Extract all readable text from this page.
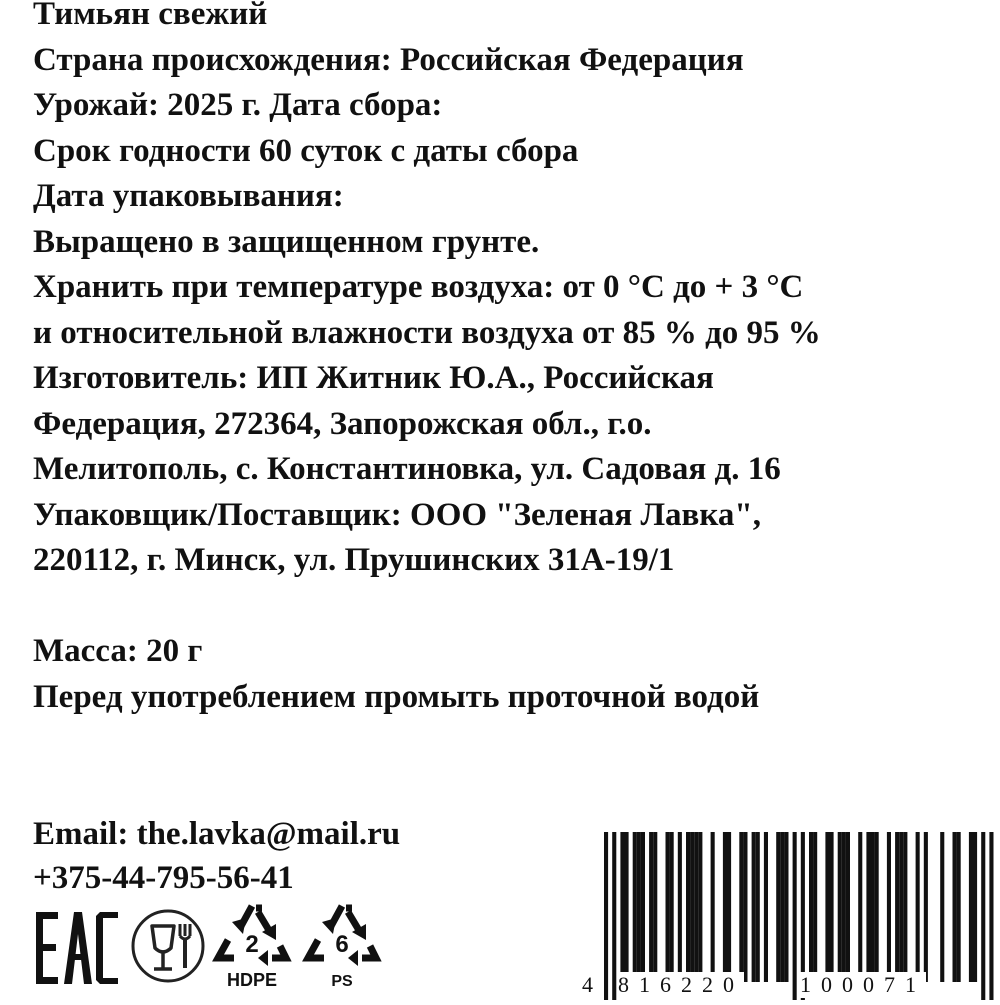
Тимьян свежий
Страна происхождения: Российская Федерация
Урожай: 2025 г. Дата сбора:
Срок годности 60 суток с даты сбора
Дата упаковывания:
Выращено в защищенном грунте.
Хранить при температуре воздуха: от 0 °С до + 3 °С
и относительной влажности воздуха от 85 % до 95 %
Изготовитель: ИП Житник Ю.А., Российская
Федерация, 272364, Запорожская обл., г.о.
Мелитополь, с. Константиновка, ул. Садовая д. 16
Упаковщик/Поставщик: ООО "Зеленая Лавка",
220112, г. Минск, ул. Прушинских 31А-19/1
Масса: 20 г
Перед употреблением промыть проточной водой
Email: the.lavka@mail.ru
+375-44-795-56-41
2
HDPE
6
PS	4 816220	100071
